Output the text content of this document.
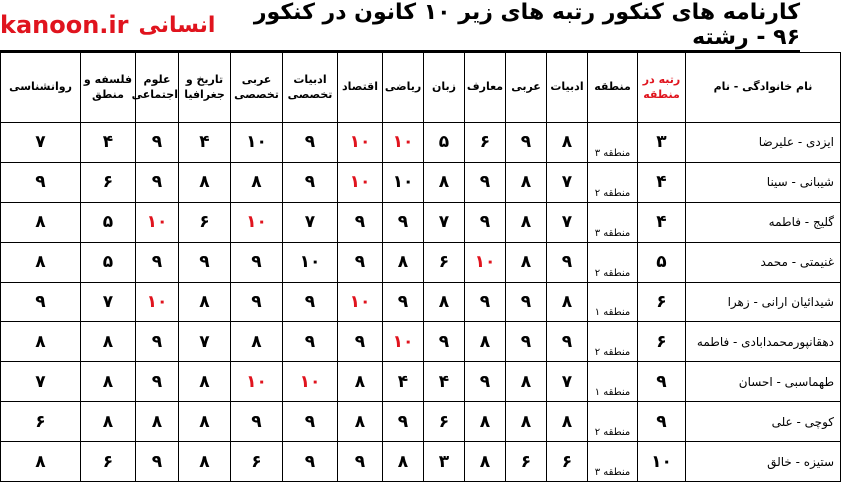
کارنامه های کنکور رتبه های زیر ۱۰ کانون در کنکور ۹۶ - رشته
انسانی
kanoon.ir
نام خانوادگی - نام	رتبه در منطقه	منطقه	ادبیات	عربی	معارف	زبان	ریاضی	اقتصاد	ادبیات تخصصی	عربی تخصصی	تاریخ و جغرافیا	علوم اجتماعی	فلسفه و منطق	روانشناسی
ایزدی - علیرضا	۳	منطقه ۳	۸	۹	۶	۵	۱۰	۱۰	۹	۱۰	۴	۹	۴	۷
شیبانی - سینا	۴	منطقه ۲	۷	۸	۹	۸	۱۰	۱۰	۹	۸	۸	۹	۶	۹
گلیج - فاطمه	۴	منطقه ۳	۷	۸	۹	۷	۹	۹	۷	۱۰	۶	۱۰	۵	۸
غنیمتی - محمد	۵	منطقه ۲	۹	۸	۱۰	۶	۸	۹	۱۰	۹	۹	۹	۵	۸
شیدائیان ارانی - زهرا	۶	منطقه ۱	۸	۹	۹	۸	۹	۱۰	۹	۹	۸	۱۰	۷	۹
دهقانپورمحمدابادی - فاطمه	۶	منطقه ۲	۹	۹	۸	۹	۱۰	۹	۹	۸	۷	۹	۸	۸
طهماسبی - احسان	۹	منطقه ۱	۷	۸	۹	۴	۴	۸	۱۰	۱۰	۸	۹	۸	۷
کوچی - علی	۹	منطقه ۲	۸	۸	۸	۶	۹	۸	۹	۹	۸	۸	۸	۶
ستیزه - خالق	۱۰	منطقه ۳	۶	۶	۸	۳	۸	۹	۹	۶	۸	۹	۶	۸
